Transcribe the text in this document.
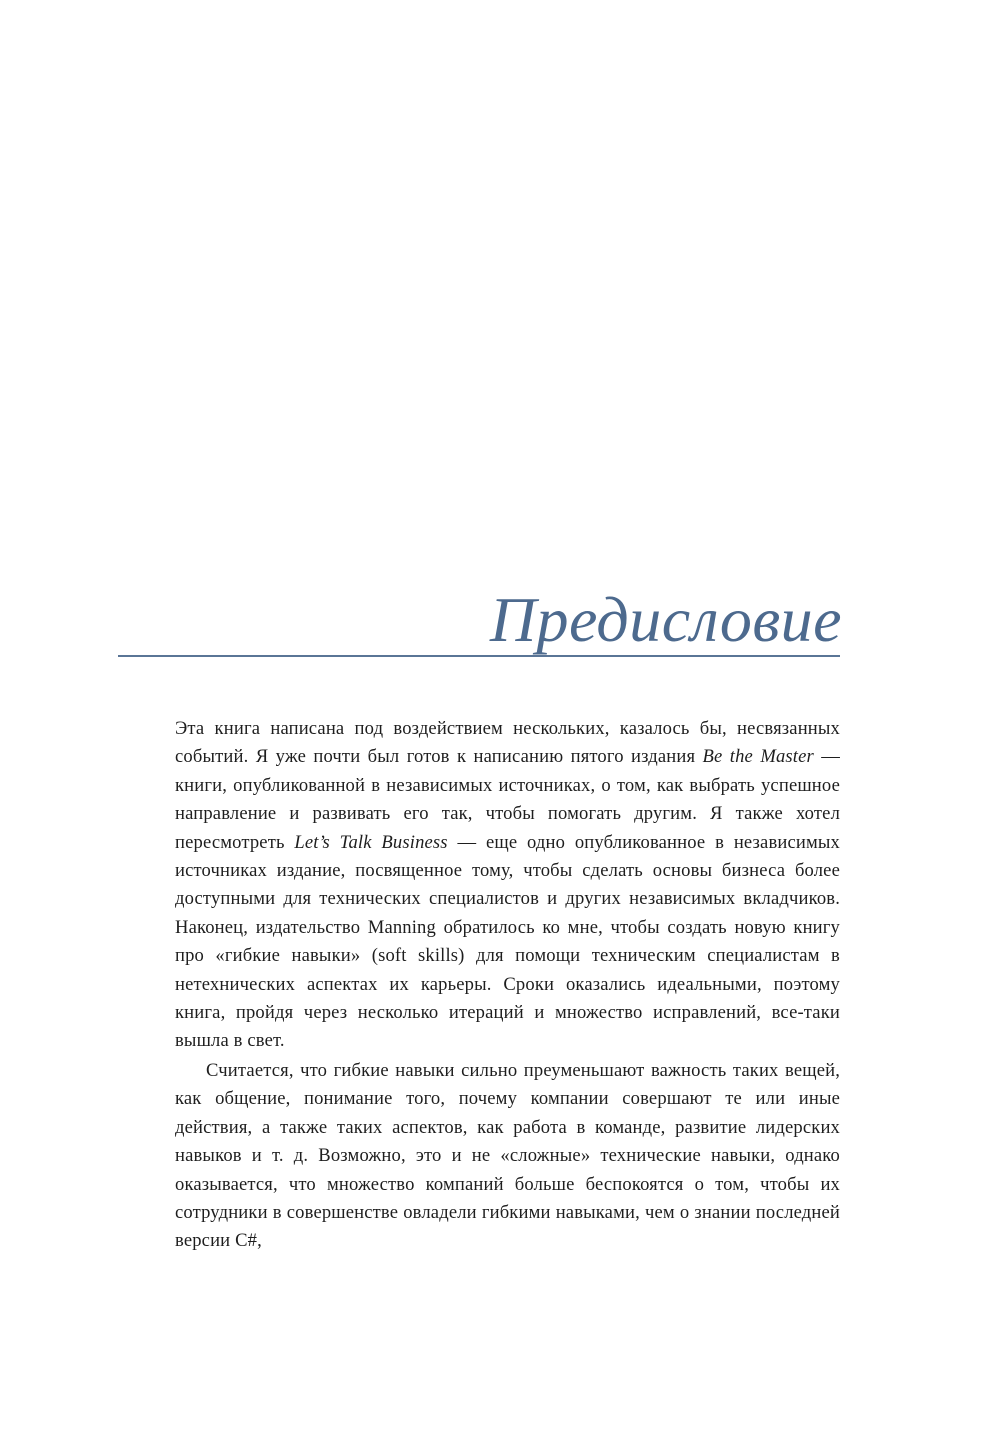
Предисловие

Эта книга написана под воздействием нескольких, казалось бы, несвязанных событий. Я уже почти был готов к написанию пятого издания Be the Master — книги, опубликованной в независимых источниках, о том, как выбрать успешное направление и развивать его так, чтобы помогать другим. Я также хотел пересмотреть Let’s Talk Business — еще одно опубликованное в независимых источниках издание, посвященное тому, чтобы сделать основы бизнеса более доступными для технических специалистов и других независимых вкладчиков. Наконец, издательство Manning обратилось ко мне, чтобы создать новую книгу про «гибкие навыки» (soft skills) для помощи техническим специалистам в нетехнических аспектах их карьеры. Сроки оказались идеальными, поэтому книга, пройдя через несколько итераций и множество исправлений, все-таки вышла в свет.

Считается, что гибкие навыки сильно преуменьшают важность таких вещей, как общение, понимание того, почему компании совершают те или иные действия, а также таких аспектов, как работа в команде, развитие лидерских навыков и т. д. Возможно, это и не «сложные» технические навыки, однако оказывается, что множество компаний больше беспокоятся о том, чтобы их сотрудники в совершенстве овладели гибкими навыками, чем о знании последней версии C#,
